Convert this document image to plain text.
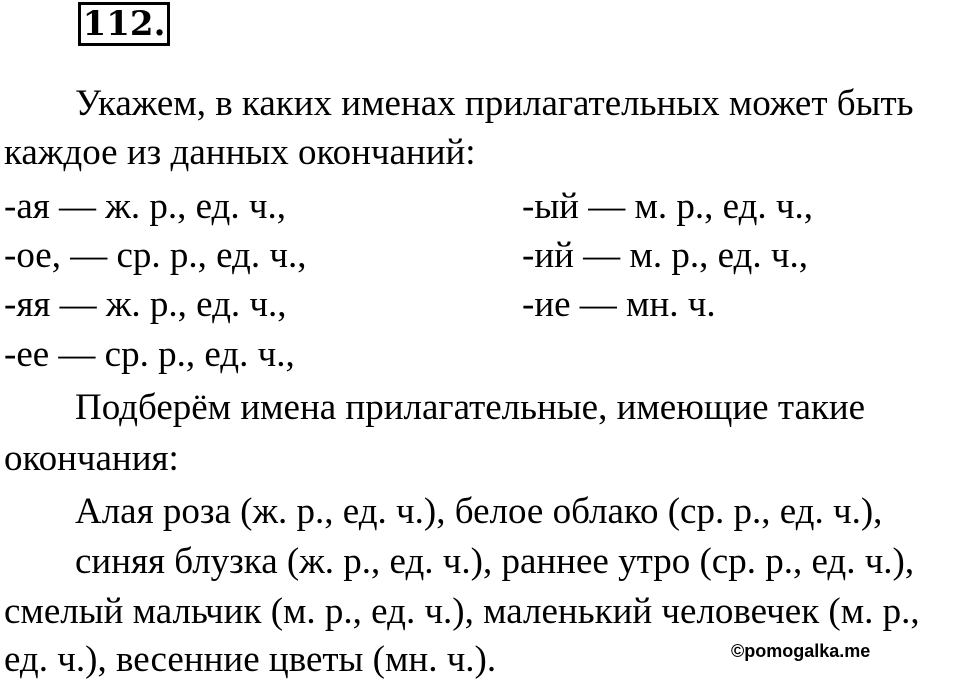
112.
Укажем, в каких именах прилагательных может быть
каждое из данных окончаний:
-ая — ж. р., ед. ч.,	-ый — м. р., ед. ч.,
-ое, — ср. р., ед. ч.,	-ий — м. р., ед. ч.,
-яя — ж. р., ед. ч.,	-ие — мн. ч.
-ее — ср. р., ед. ч.,
Подберём имена прилагательные, имеющие такие
окончания:
Алая роза (ж. р., ед. ч.), белое облако (ср. р., ед. ч.),
синяя блузка (ж. р., ед. ч.), раннее утро (ср. р., ед. ч.),
смелый мальчик (м. р., ед. ч.), маленький человечек (м. р.,
ед. ч.), весенние цветы (мн. ч.).	©pomogalka.me
